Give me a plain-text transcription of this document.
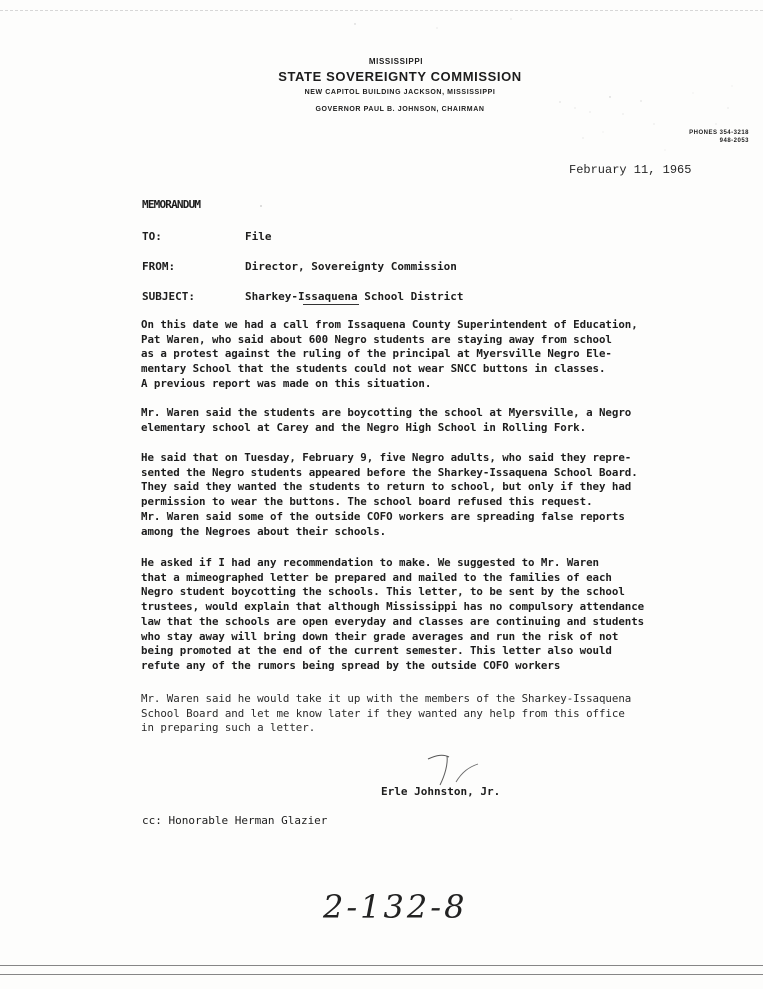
MISSISSIPPI
STATE SOVEREIGNTY COMMISSION
NEW CAPITOL BUILDING JACKSON, MISSISSIPPI
GOVERNOR PAUL B. JOHNSON, CHAIRMAN
PHONES 354-3218
948-2053
February 11, 1965
MEMORANDUM
TO:	File
FROM:	Director, Sovereignty Commission
SUBJECT:	Sharkey-Issaquena School District
On this date we had a call from Issaquena County Superintendent of Education,
Pat Waren, who said about 600 Negro students are staying away from school
as a protest against the ruling of the principal at Myersville Negro Ele-
mentary School that the students could not wear SNCC buttons in classes.
A previous report was made on this situation.
Mr. Waren said the students are boycotting the school at Myersville, a Negro
elementary school at Carey and the Negro High School in Rolling Fork.
He said that on Tuesday, February 9, five Negro adults, who said they repre-
sented the Negro students appeared before the Sharkey-Issaquena School Board.
They said they wanted the students to return to school, but only if they had
permission to wear the buttons. The school board refused this request.
Mr. Waren said some of the outside COFO workers are spreading false reports
among the Negroes about their schools.
He asked if I had any recommendation to make. We suggested to Mr. Waren
that a mimeographed letter be prepared and mailed to the families of each
Negro student boycotting the schools. This letter, to be sent by the school
trustees, would explain that although Mississippi has no compulsory attendance
law that the schools are open everyday and classes are continuing and students
who stay away will bring down their grade averages and run the risk of not
being promoted at the end of the current semester. This letter also would
refute any of the rumors being spread by the outside COFO workers
Mr. Waren said he would take it up with the members of the Sharkey-Issaquena
School Board and let me know later if they wanted any help from this office
in preparing such a letter.
Erle Johnston, Jr.
cc: Honorable Herman Glazier
2-132-8
